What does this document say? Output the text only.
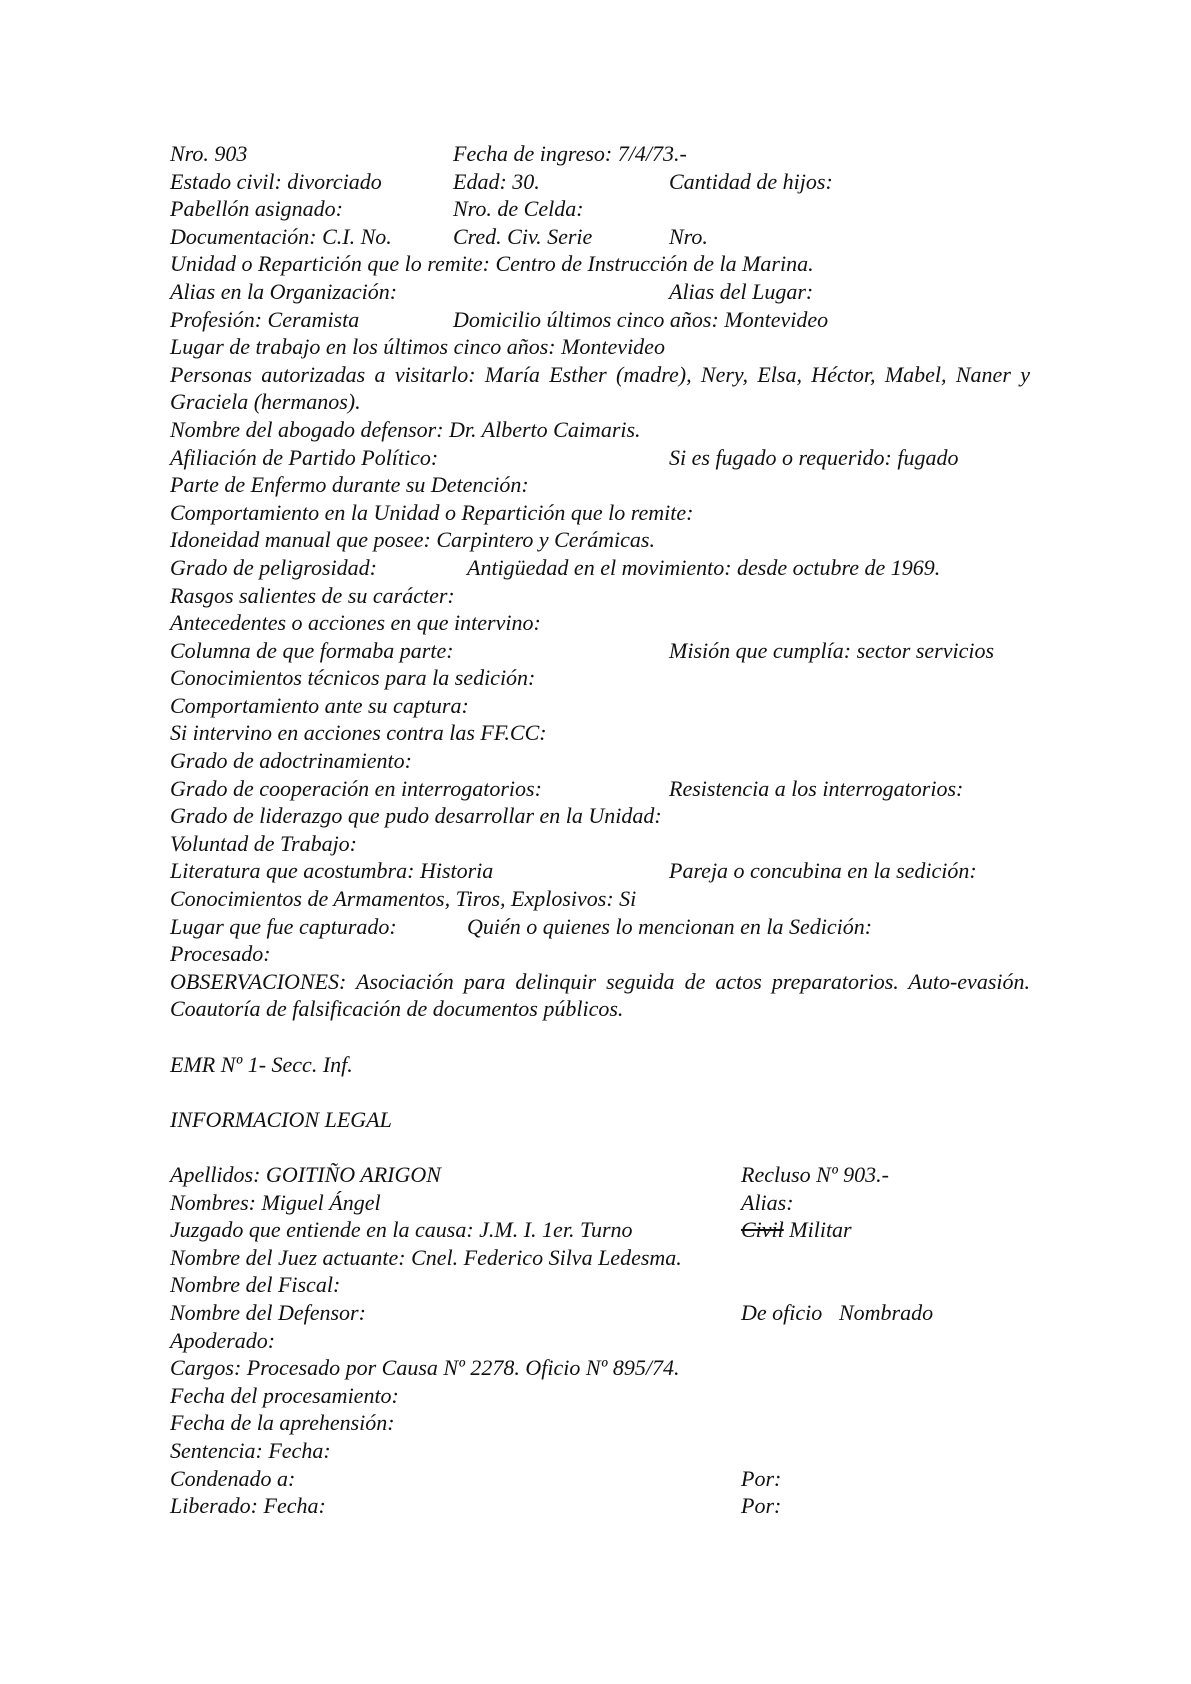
Nro. 903	Fecha de ingreso: 7/4/73.-
Estado civil: divorciado	Edad: 30.	Cantidad de hijos:
Pabellón asignado:	Nro. de Celda:
Documentación: C.I. No.	Cred. Civ. Serie	Nro.
Unidad o Repartición que lo remite: Centro de Instrucción de la Marina.
Alias en la Organización:	Alias del Lugar:
Profesión: Ceramista	Domicilio últimos cinco años: Montevideo
Lugar de trabajo en los últimos cinco años: Montevideo
Personas autorizadas a visitarlo: María Esther (madre), Nery, Elsa, Héctor, Mabel, Naner y Graciela (hermanos).
Nombre del abogado defensor: Dr. Alberto Caimaris.
Afiliación de Partido Político:	Si es fugado o requerido: fugado
Parte de Enfermo durante su Detención:
Comportamiento en la Unidad o Repartición que lo remite:
Idoneidad manual que posee: Carpintero y Cerámicas.
Grado de peligrosidad:	Antigüedad en el movimiento: desde octubre de 1969.
Rasgos salientes de su carácter:
Antecedentes o acciones en que intervino:
Columna de que formaba parte:	Misión que cumplía: sector servicios
Conocimientos técnicos para la sedición:
Comportamiento ante su captura:
Si intervino en acciones contra las FF.CC:
Grado de adoctrinamiento:
Grado de cooperación en interrogatorios:	Resistencia a los interrogatorios:
Grado de liderazgo que pudo desarrollar en la Unidad:
Voluntad de Trabajo:
Literatura que acostumbra: Historia	Pareja o concubina en la sedición:
Conocimientos de Armamentos, Tiros, Explosivos: Si
Lugar que fue capturado:	Quién o quienes lo mencionan en la Sedición:
Procesado:
OBSERVACIONES: Asociación para delinquir seguida de actos preparatorios. Auto-evasión. Coautoría de falsificación de documentos públicos.
EMR Nº 1- Secc. Inf.
INFORMACION LEGAL
Apellidos: GOITIÑO ARIGON	Recluso Nº 903.-
Nombres: Miguel Ángel	Alias:
Juzgado que entiende en la causa: J.M. I. 1er. Turno	Civil Militar
Nombre del Juez actuante: Cnel. Federico Silva Ledesma.
Nombre del Fiscal:
Nombre del Defensor:	De oficio Nombrado
Apoderado:
Cargos: Procesado por Causa Nº 2278. Oficio Nº 895/74.
Fecha del procesamiento:
Fecha de la aprehensión:
Sentencia: Fecha:
Condenado a:	Por:
Liberado: Fecha:	Por:
